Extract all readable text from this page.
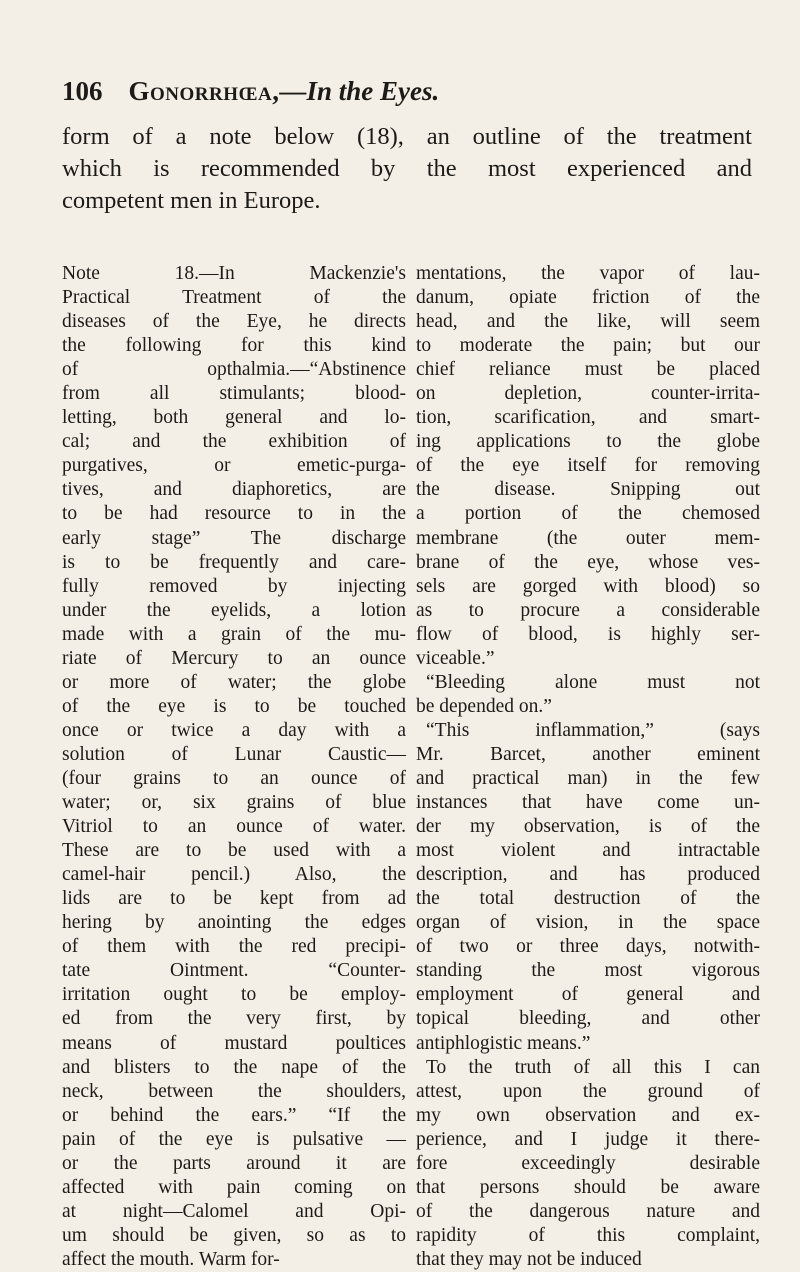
106 Gonorrhœa,—In the Eyes.
form of a note below (18), an outline of the treatment
which is recommended by the most experienced and
competent men in Europe.
Note 18.—In Mackenzie's
Practical Treatment of the
diseases of the Eye, he directs
the following for this kind
of opthalmia.—“Abstinence
from all stimulants; blood-
letting, both general and lo-
cal; and the exhibition of
purgatives, or emetic-purga-
tives, and diaphoretics, are
to be had resource to in the
early stage” The discharge
is to be frequently and care-
fully removed by injecting
under the eyelids, a lotion
made with a grain of the mu-
riate of Mercury to an ounce
or more of water; the globe
of the eye is to be touched
once or twice a day with a
solution of Lunar Caustic—
(four grains to an ounce of
water; or, six grains of blue
Vitriol to an ounce of water.
These are to be used with a
camel-hair pencil.) Also, the
lids are to be kept from ad
hering by anointing the edges
of them with the red precipi-
tate Ointment. “Counter-
irritation ought to be employ-
ed from the very first, by
means of mustard poultices
and blisters to the nape of the
neck, between the shoulders,
or behind the ears.” “If the
pain of the eye is pulsative —
or the parts around it are
affected with pain coming on
at night—Calomel and Opi-
um should be given, so as to
affect the mouth. Warm for-
mentations, the vapor of lau-
danum, opiate friction of the
head, and the like, will seem
to moderate the pain; but our
chief reliance must be placed
on depletion, counter-irrita-
tion, scarification, and smart-
ing applications to the globe
of the eye itself for removing
the disease. Snipping out
a portion of the chemosed
membrane (the outer mem-
brane of the eye, whose ves-
sels are gorged with blood) so
as to procure a considerable
flow of blood, is highly ser-
viceable.”
“Bleeding alone must not
be depended on.”
“This inflammation,” (says
Mr. Barcet, another eminent
and practical man) in the few
instances that have come un-
der my observation, is of the
most violent and intractable
description, and has produced
the total destruction of the
organ of vision, in the space
of two or three days, notwith-
standing the most vigorous
employment of general and
topical bleeding, and other
antiphlogistic means.”
To the truth of all this I can
attest, upon the ground of
my own observation and ex-
perience, and I judge it there-
fore exceedingly desirable
that persons should be aware
of the dangerous nature and
rapidity of this complaint,
that they may not be induced
